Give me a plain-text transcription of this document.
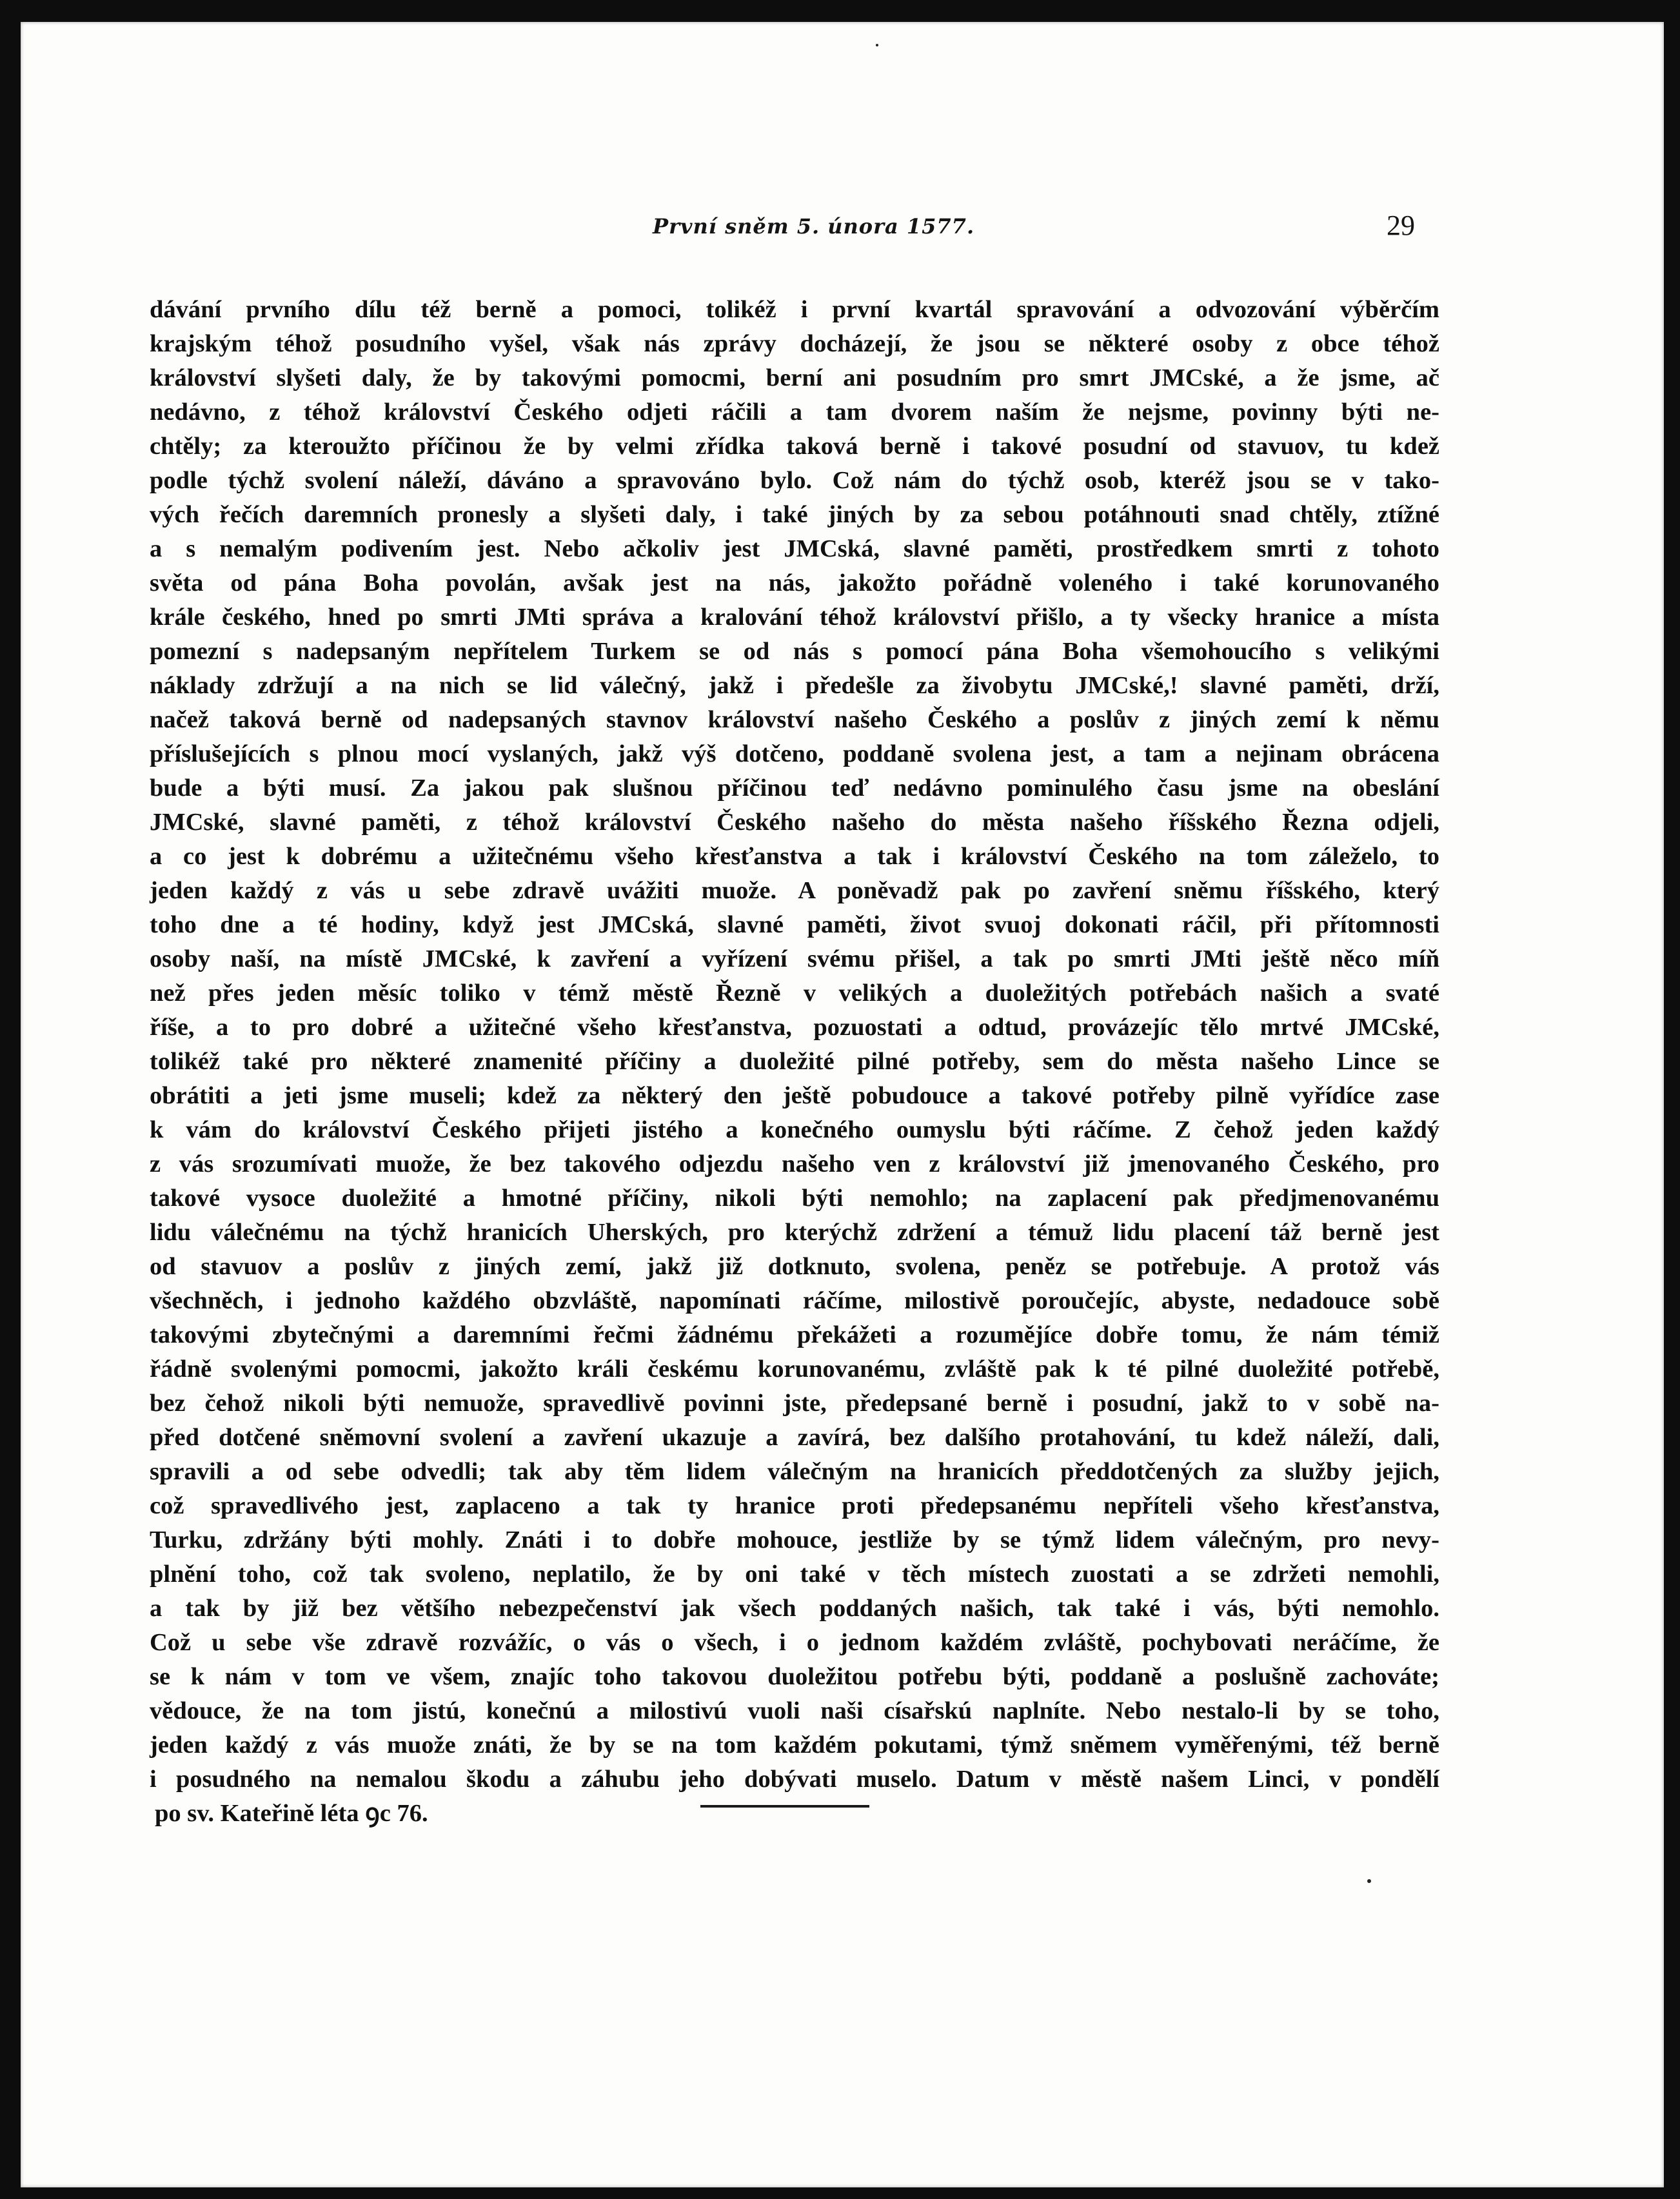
První sněm 5. února 1577.	29
dávání prvního dílu též berně a pomoci, tolikéž i první kvartál spravování a odvozování výběrčím
krajským téhož posudního vyšel, však nás zprávy docházejí, že jsou se některé osoby z obce téhož
království slyšeti daly, že by takovými pomocmi, berní ani posudním pro smrt JMCské, a že jsme, ač
nedávno, z téhož království Českého odjeti ráčili a tam dvorem naším že nejsme, povinny býti ne-
chtěly; za kteroužto příčinou že by velmi zřídka taková berně i takové posudní od stavuov, tu kdež
podle týchž svolení náleží, dáváno a spravováno bylo. Což nám do týchž osob, kteréž jsou se v tako-
vých řečích daremních pronesly a slyšeti daly, i také jiných by za sebou potáhnouti snad chtěly, ztížné
a s nemalým podivením jest. Nebo ačkoliv jest JMCská, slavné paměti, prostředkem smrti z tohoto
světa od pána Boha povolán, avšak jest na nás, jakožto pořádně voleného i také korunovaného
krále českého, hned po smrti JMti správa a kralování téhož království přišlo, a ty všecky hranice a místa
pomezní s nadepsaným nepřítelem Turkem se od nás s pomocí pána Boha všemohoucího s velikými
náklady zdržují a na nich se lid válečný, jakž i předešle za živobytu JMCské,! slavné paměti, drží,
načež taková berně od nadepsaných stavnov království našeho Českého a poslův z jiných zemí k němu
příslušejících s plnou mocí vyslaných, jakž výš dotčeno, poddaně svolena jest, a tam a nejinam obrácena
bude a býti musí. Za jakou pak slušnou příčinou teď nedávno pominulého času jsme na obeslání
JMCské, slavné paměti, z téhož království Českého našeho do města našeho říšského Řezna odjeli,
a co jest k dobrému a užitečnému všeho křesťanstva a tak i království Českého na tom záleželo, to
jeden každý z vás u sebe zdravě uvážiti muože. A poněvadž pak po zavření sněmu říšského, který
toho dne a té hodiny, když jest JMCská, slavné paměti, život svuoj dokonati ráčil, při přítomnosti
osoby naší, na místě JMCské, k zavření a vyřízení svému přišel, a tak po smrti JMti ještě něco míň
než přes jeden měsíc toliko v témž městě Řezně v velikých a duoležitých potřebách našich a svaté
říše, a to pro dobré a užitečné všeho křesťanstva, pozuostati a odtud, provázejíc tělo mrtvé JMCské,
tolikéž také pro některé znamenité příčiny a duoležité pilné potřeby, sem do města našeho Lince se
obrátiti a jeti jsme museli; kdež za některý den ještě pobudouce a takové potřeby pilně vyřídíce zase
k vám do království Českého přijeti jistého a konečného oumyslu býti ráčíme. Z čehož jeden každý
z vás srozumívati muože, že bez takového odjezdu našeho ven z království již jmenovaného Českého, pro
takové vysoce duoležité a hmotné příčiny, nikoli býti nemohlo; na zaplacení pak předjmenovanému
lidu válečnému na týchž hranicích Uherských, pro kterýchž zdržení a témuž lidu placení táž berně jest
od stavuov a poslův z jiných zemí, jakž již dotknuto, svolena, peněz se potřebuje. A protož vás
všechněch, i jednoho každého obzvláště, napomínati ráčíme, milostivě poroučejíc, abyste, nedadouce sobě
takovými zbytečnými a daremními řečmi žádnému překážeti a rozumějíce dobře tomu, že nám témiž
řádně svolenými pomocmi, jakožto králi českému korunovanému, zvláště pak k té pilné duoležité potřebě,
bez čehož nikoli býti nemuože, spravedlivě povinni jste, předepsané berně i posudní, jakž to v sobě na-
před dotčené sněmovní svolení a zavření ukazuje a zavírá, bez dalšího protahování, tu kdež náleží, dali,
spravili a od sebe odvedli; tak aby těm lidem válečným na hranicích předdotčených za služby jejich,
což spravedlivého jest, zaplaceno a tak ty hranice proti předepsanému nepříteli všeho křesťanstva,
Turku, zdržány býti mohly. Znáti i to dobře mohouce, jestliže by se týmž lidem válečným, pro nevy-
plnění toho, což tak svoleno, neplatilo, že by oni také v těch místech zuostati a se zdržeti nemohli,
a tak by již bez většího nebezpečenství jak všech poddaných našich, tak také i vás, býti nemohlo.
Což u sebe vše zdravě rozvážíc, o vás o všech, i o jednom každém zvláště, pochybovati neráčíme, že
se k nám v tom ve všem, znajíc toho takovou duoležitou potřebu býti, poddaně a poslušně zachováte;
vědouce, že na tom jistú, konečnú a milostivú vuoli naši císařskú naplníte. Nebo nestalo-li by se toho,
jeden každý z vás muože znáti, že by se na tom každém pokutami, týmž sněmem vyměřenými, též berně
i posudného na nemalou škodu a záhubu jeho dobývati muselo. Datum v městě našem Linci, v pondělí
po sv. Kateřině léta ꝯc 76.
